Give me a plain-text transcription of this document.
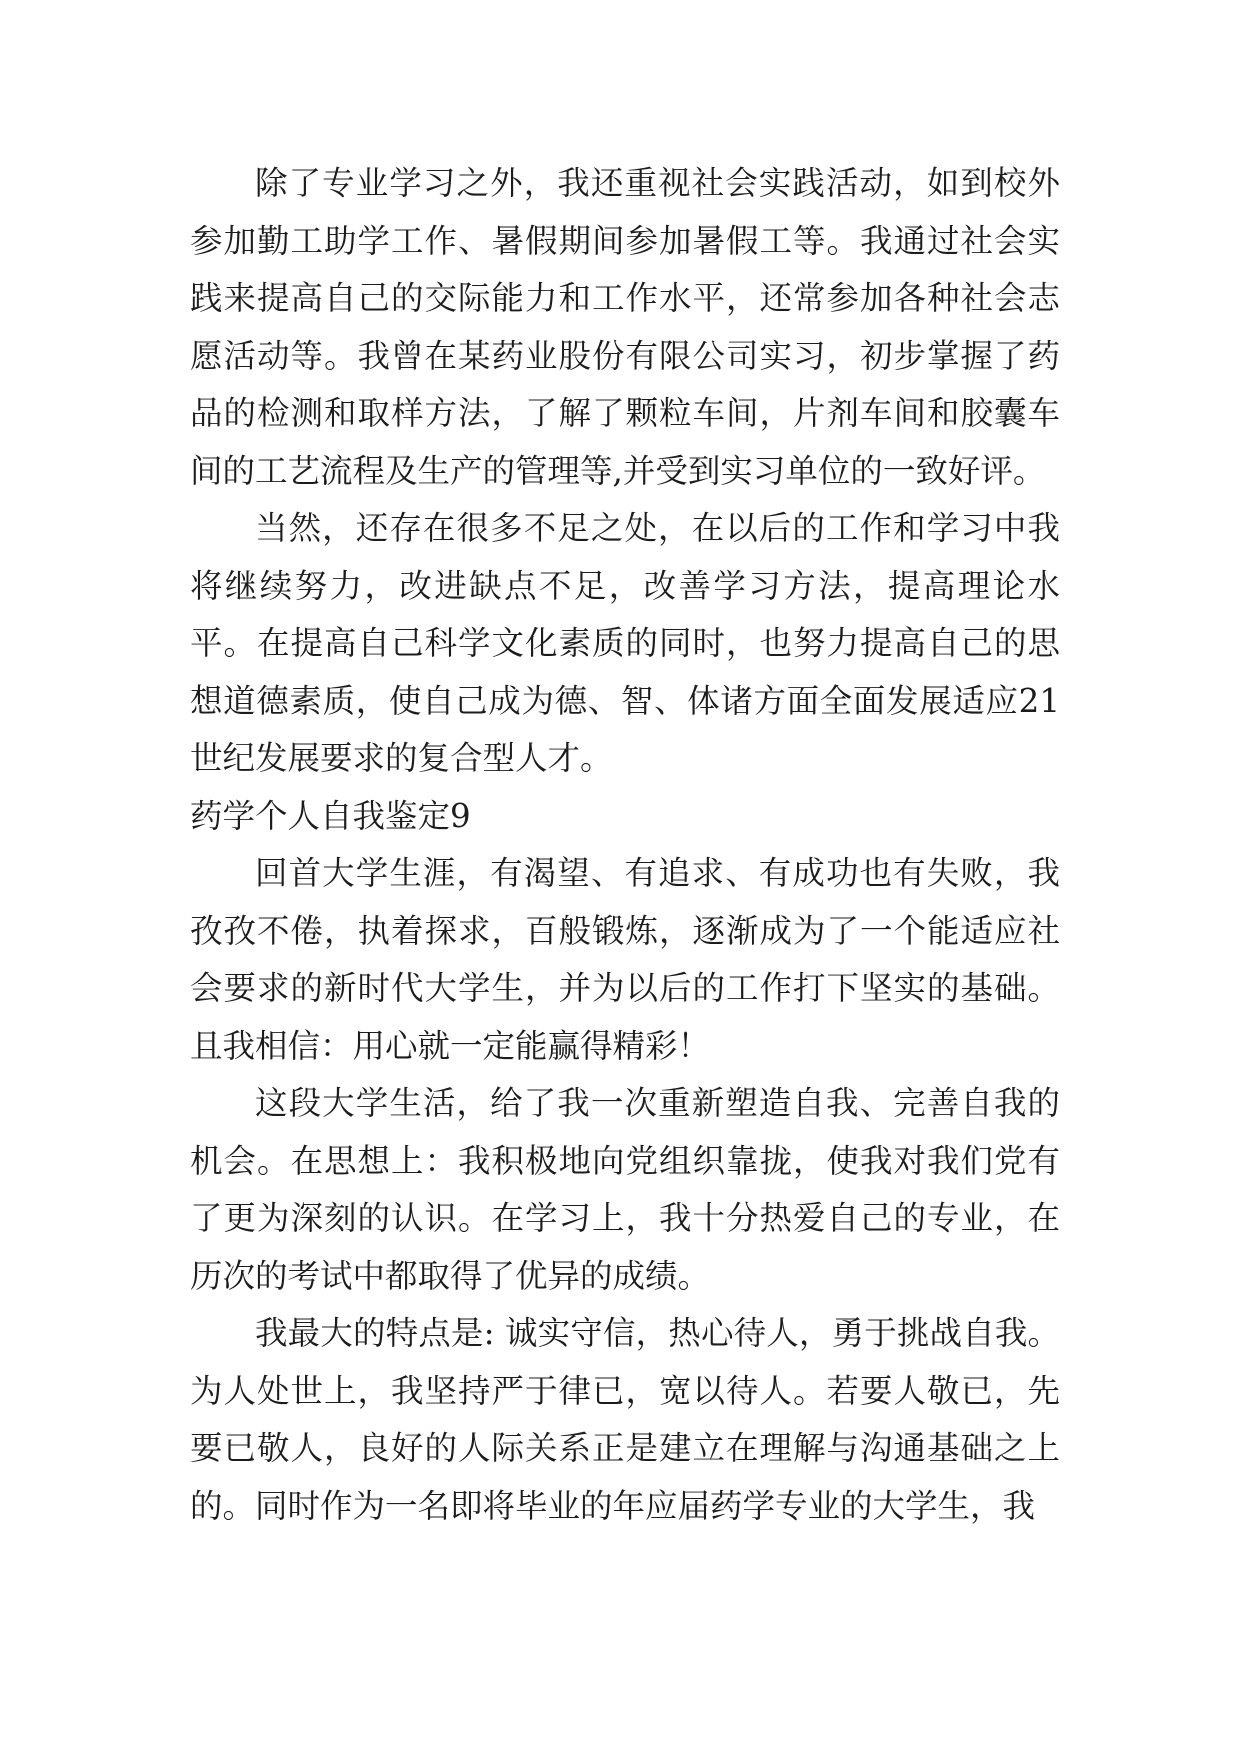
除了专业学习之外，我还重视社会实践活动，如到校外参加勤工助学工作、暑假期间参加暑假工等。我通过社会实践来提高自己的交际能力和工作水平，还常参加各种社会志愿活动等。我曾在某药业股份有限公司实习，初步掌握了药品的检测和取样方法，了解了颗粒车间，片剂车间和胶囊车间的工艺流程及生产的管理等,并受到实习单位的一致好评。

当然，还存在很多不足之处，在以后的工作和学习中我将继续努力，改进缺点不足，改善学习方法，提高理论水平。在提高自己科学文化素质的同时，也努力提高自己的思想道德素质，使自己成为德、智、体诸方面全面发展适应21世纪发展要求的复合型人才。

药学个人自我鉴定9

回首大学生涯，有渴望、有追求、有成功也有失败，我孜孜不倦，执着探求，百般锻炼，逐渐成为了一个能适应社会要求的新时代大学生，并为以后的工作打下坚实的基础。且我相信：用心就一定能赢得精彩！

这段大学生活，给了我一次重新塑造自我、完善自我的机会。在思想上：我积极地向党组织靠拢，使我对我们党有了更为深刻的认识。在学习上，我十分热爱自己的专业，在历次的考试中都取得了优异的成绩。

我最大的特点是: 诚实守信，热心待人，勇于挑战自我。为人处世上，我坚持严于律已，宽以待人。若要人敬已，先要已敬人，良好的人际关系正是建立在理解与沟通基础之上的。同时作为一名即将毕业的年应届药学专业的大学生，我
